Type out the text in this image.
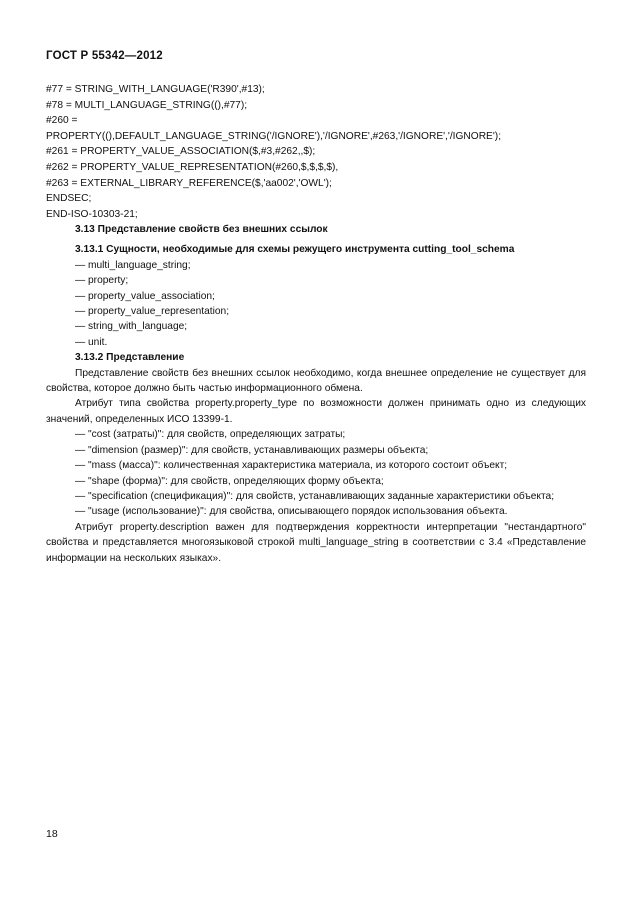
ГОСТ Р 55342—2012
#77 = STRING_WITH_LANGUAGE('R390',#13);
#78 = MULTI_LANGUAGE_STRING((),#77);
#260 =
PROPERTY((),DEFAULT_LANGUAGE_STRING('/IGNORE'),'/IGNORE',#263,'/IGNORE','/IGNORE');
#261 = PROPERTY_VALUE_ASSOCIATION($,#3,#262,,$);
#262 = PROPERTY_VALUE_REPRESENTATION(#260,$,$,$,$),
#263 = EXTERNAL_LIBRARY_REFERENCE($,'aa002','OWL');
ENDSEC;
END-ISO-10303-21;
3.13 Представление свойств без внешних ссылок
3.13.1 Сущности, необходимые для схемы режущего инструмента cutting_tool_schema
— multi_language_string;
— property;
— property_value_association;
— property_value_representation;
— string_with_language;
— unit.
3.13.2 Представление
Представление свойств без внешних ссылок необходимо, когда внешнее определение не существует для свойства, которое должно быть частью информационного обмена.
Атрибут типа свойства property.property_type по возможности должен принимать одно из следующих значений, определенных ИСО 13399-1.
— "cost (затраты)": для свойств, определяющих затраты;
— "dimension (размер)": для свойств, устанавливающих размеры объекта;
— "mass (масса)": количественная характеристика материала, из которого состоит объект;
— "shape (форма)": для свойств, определяющих форму объекта;
— "specification (спецификация)": для свойств, устанавливающих заданные характеристики объекта;
— "usage (использование)": для свойства, описывающего порядок использования объекта.
Атрибут property.description важен для подтверждения корректности интерпретации "нестандартного" свойства и представляется многоязыковой строкой multi_language_string в соответствии с 3.4 «Представление информации на нескольких языках».
18
